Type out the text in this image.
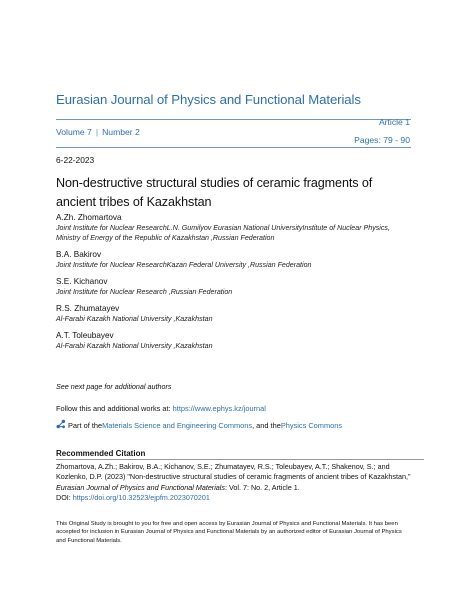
Eurasian Journal of Physics and Functional Materials
Volume 7 | Number 2
Article 1
Pages: 79 - 90
6-22-2023
Non-destructive structural studies of ceramic fragments of ancient tribes of Kazakhstan
A.Zh. Zhomartova
Joint Institute for Nuclear ResearchL.N. Gumilyov Eurasian National UniversityInstitute of Nuclear Physics, Ministry of Energy of the Republic of Kazakhstan ,Russian Federation
B.A. Bakirov
Joint Institute for Nuclear ResearchKazan Federal University ,Russian Federation
S.E. Kichanov
Joint Institute for Nuclear Research ,Russian Federation
R.S. Zhumatayev
Al-Farabi Kazakh National University ,Kazakhstan
A.T. Toleubayev
Al-Farabi Kazakh National University ,Kazakhstan
See next page for additional authors
Follow this and additional works at: https://www.ephys.kz/journal
Part of the Materials Science and Engineering Commons , and the Physics Commons
Recommended Citation
Zhomartova, A.Zh.; Bakirov, B.A.; Kichanov, S.E.; Zhumatayev, R.S.; Toleubayev, A.T.; Shakenov, S.; and Kozlenko, D.P. (2023) "Non-destructive structural studies of ceramic fragments of ancient tribes of Kazakhstan," Eurasian Journal of Physics and Functional Materials: Vol. 7: No. 2, Article 1.
DOI: https://doi.org/10.32523/ejpfm.2023070201
This Original Study is brought to you for free and open access by Eurasian Journal of Physics and Functional Materials. It has been accepted for inclusion in Eurasian Journal of Physics and Functional Materials by an authorized editor of Eurasian Journal of Physics and Functional Materials.
